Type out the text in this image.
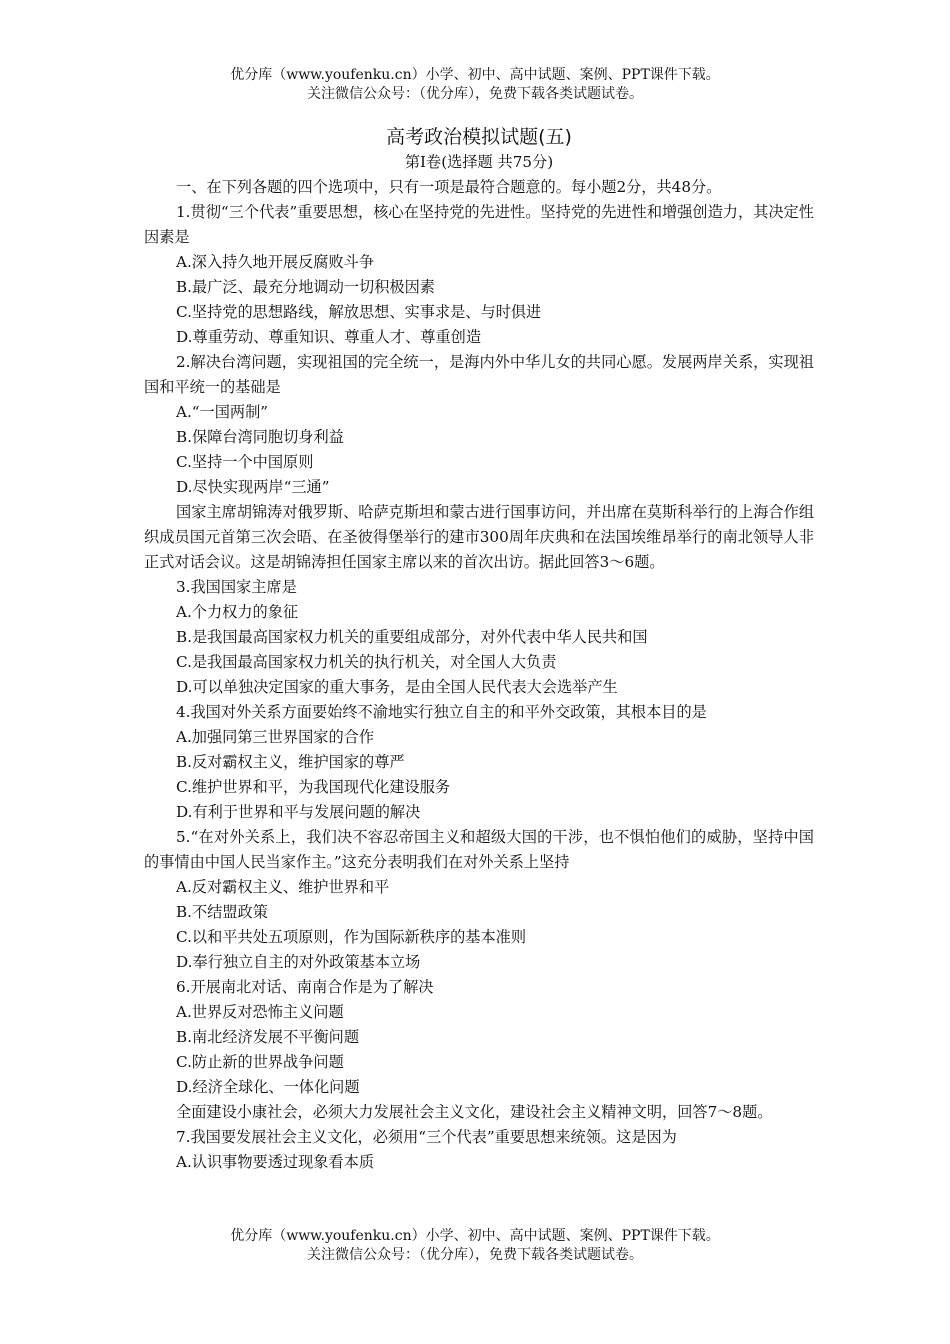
优分库（www.youfenku.cn）小学、初中、高中试题、案例、PPT课件下载。
关注微信公众号：（优分库），免费下载各类试题试卷。

高考政治模拟试题(五)

第Ⅰ卷(选择题 共75分)

一、在下列各题的四个选项中，只有一项是最符合题意的。每小题2分，共48分。

1.贯彻“三个代表”重要思想，核心在坚持党的先进性。坚持党的先进性和增强创造力，其决定性因素是

A.深入持久地开展反腐败斗争

B.最广泛、最充分地调动一切积极因素

C.坚持党的思想路线，解放思想、实事求是、与时俱进

D.尊重劳动、尊重知识、尊重人才、尊重创造

2.解决台湾问题，实现祖国的完全统一，是海内外中华儿女的共同心愿。发展两岸关系，实现祖国和平统一的基础是

A.“一国两制”

B.保障台湾同胞切身利益

C.坚持一个中国原则

D.尽快实现两岸“三通”

国家主席胡锦涛对俄罗斯、哈萨克斯坦和蒙古进行国事访问，并出席在莫斯科举行的上海合作组织成员国元首第三次会晤、在圣彼得堡举行的建市300周年庆典和在法国埃维昂举行的南北领导人非正式对话会议。这是胡锦涛担任国家主席以来的首次出访。据此回答3～6题。

3.我国国家主席是

A.个力权力的象征

B.是我国最高国家权力机关的重要组成部分，对外代表中华人民共和国

C.是我国最高国家权力机关的执行机关，对全国人大负责

D.可以单独决定国家的重大事务，是由全国人民代表大会选举产生

4.我国对外关系方面要始终不渝地实行独立自主的和平外交政策，其根本目的是

A.加强同第三世界国家的合作

B.反对霸权主义，维护国家的尊严

C.维护世界和平，为我国现代化建设服务

D.有利于世界和平与发展问题的解决

5.“在对外关系上，我们决不容忍帝国主义和超级大国的干涉，也不惧怕他们的威胁，坚持中国的事情由中国人民当家作主。”这充分表明我们在对外关系上坚持

A.反对霸权主义、维护世界和平

B.不结盟政策

C.以和平共处五项原则，作为国际新秩序的基本准则

D.奉行独立自主的对外政策基本立场

6.开展南北对话、南南合作是为了解决

A.世界反对恐怖主义问题

B.南北经济发展不平衡问题

C.防止新的世界战争问题

D.经济全球化、一体化问题

全面建设小康社会，必须大力发展社会主义文化，建设社会主义精神文明，回答7～8题。

7.我国要发展社会主义文化，必须用“三个代表”重要思想来统领。这是因为

A.认识事物要透过现象看本质

优分库（www.youfenku.cn）小学、初中、高中试题、案例、PPT课件下载。
关注微信公众号：（优分库），免费下载各类试题试卷。
